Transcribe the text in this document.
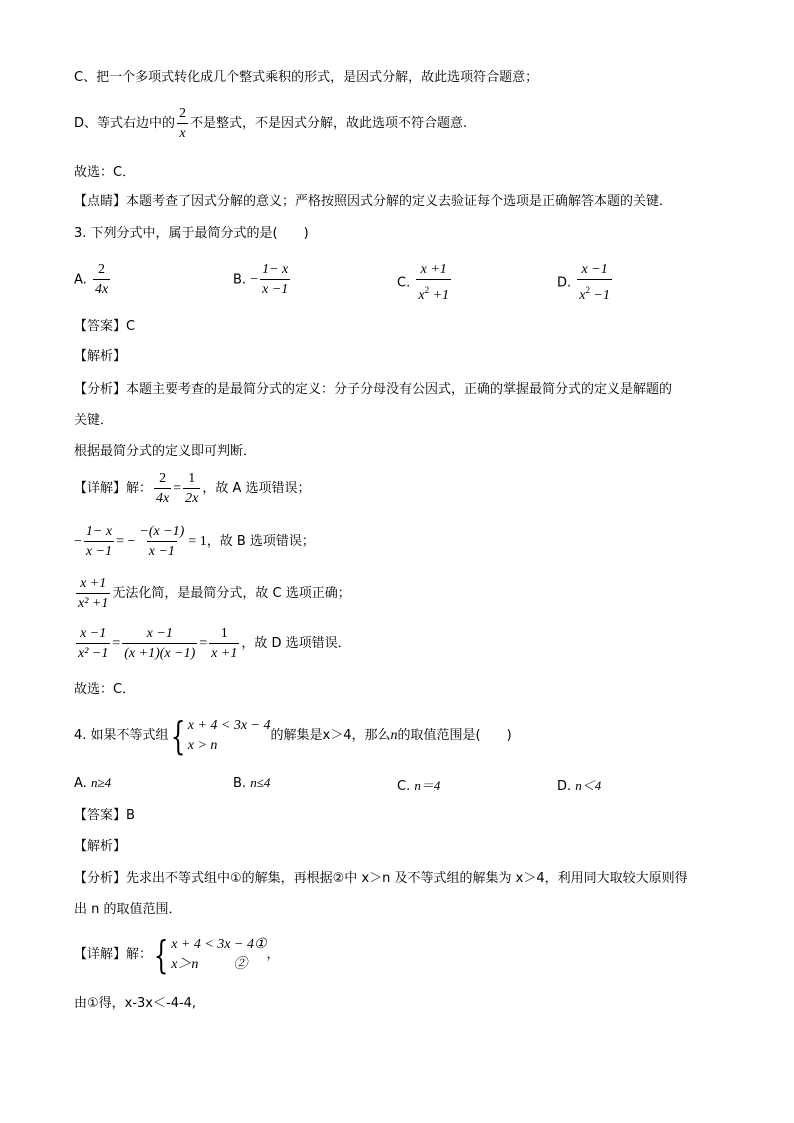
C、把一个多项式转化成几个整式乘积的形式，是因式分解，故此选项符合题意；
D、等式右边中的 $\frac{2}{x}$ 不是整式，不是因式分解，故此选项不符合题意.
故选：C．
【点睛】本题考查了因式分解的意义；严格按照因式分解的定义去验证每个选项是正确解答本题的关键．
3. 下列分式中，属于最简分式的是( )
A. $\frac{2}{4x}$	B. − $\frac{1- x}{x -1}$	C. $\frac{x +1}{x^2 +1}$	D. $\frac{x -1}{x^2 -1}$
【答案】C
【解析】
【分析】本题主要考查的是最简分式的定义：分子分母没有公因式，正确的掌握最简分式的定义是解题的
关键．
根据最简分式的定义即可判断．
【详解】解： $\frac{2}{4x} = \frac{1}{2x}$ ，故 A 选项错误；
− $\frac{1- x}{x -1}$ = − $\frac{-(x -1)}{x -1} = 1$，故 B 选项错误；
$\frac{x +1}{\text{x² +1}}$ 无法化简，是最简分式，故 C 选项正确；
$\frac{x -1}{\text{x² −1}} = \frac{x -1}{(x +1)(x -1)} = \frac{1}{x +1}$ ，故 D 选项错误．
故选：C．
4. 如果不等式组{ x + 4 < 3x − 4
x > n
的解集是x＞4，那么n的取值范围是( )
A. n≥4	B. n≤4	C. n＝4	D. n＜4
【答案】B
【解析】
【分析】先求出不等式组中①的解集，再根据②中 x＞n 及不等式组的解集为 x＞4，利用同大取较大原则得
出 n 的取值范围．
【详解】解：{ x + 4 < 3x − 4①
x＞n          ②
，
由①得，x-3x＜-4-4,
